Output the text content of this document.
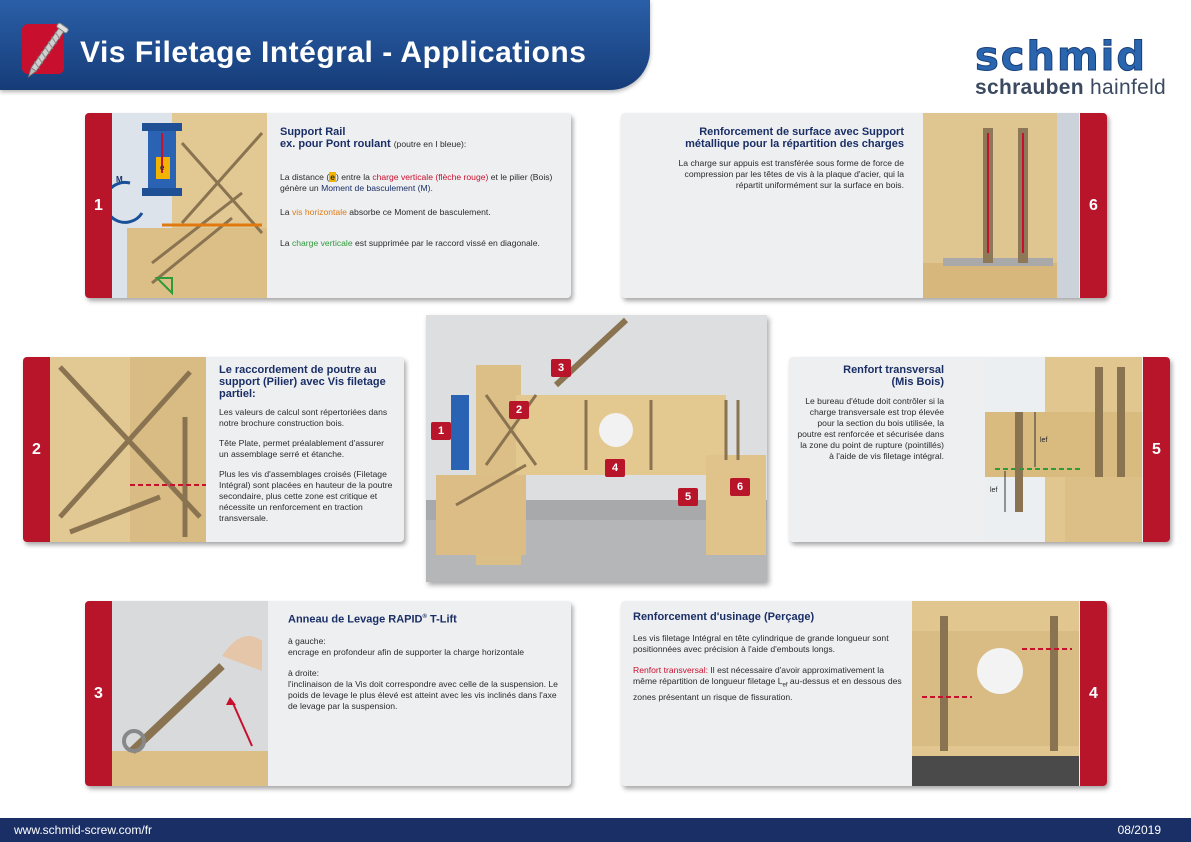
Vis Filetage Intégral - Applications	schmid
schrauben hainfeld
1
M
e
Support Rail
ex. pour Pont roulant (poutre en I bleue):

La distance (e) entre la charge verticale (flèche rouge) et le pilier (Bois) génère un Moment de basculement (M).

La vis horizontale absorbe ce Moment de basculement.

La charge verticale est supprimée par le raccord vissé en diagonale.

Renforcement de surface avec Support métallique pour la répartition des charges

La charge sur appuis est transférée sous forme de force de compression par les têtes de vis à la plaque d'acier, qui la répartit uniformément sur la surface en bois.

6
2
Le raccordement de poutre au support (Pilier) avec Vis filetage partiel:

Les valeurs de calcul sont répertoriées dans notre brochure construction bois.

Tête Plate, permet préalablement d'assurer un assemblage serré et étanche.

Plus les vis d'assemblages croisés (Filetage Intégral) sont placées en hauteur de la poutre secondaire, plus cette zone est critique et nécessite un renforcement en traction transversale.

1
2
3
4
5
6
Renfort transversal
(Mis Bois)

Le bureau d'étude doit contrôler si la charge transversale est trop élevée pour la section du bois utilisée, la poutre est renforcée et sécurisée dans la zone du point de rupture (pointillés) à l'aide de vis filetage intégral.

lef
lef
5
3
Anneau de Levage RAPID® T-Lift

à gauche:
encrage en profondeur afin de supporter la charge horizontale

à droite:
l'inclinaison de la Vis doit correspondre avec celle de la suspension. Le poids de levage le plus élevé est atteint avec les vis inclinés dans l'axe de levage par la suspension.

Renforcement d'usinage (Perçage)

Les vis filetage Intégral en tête cylindrique de grande longueur sont positionnées avec précision à l'aide d'embouts longs.

Renfort transversal: Il est nécessaire d'avoir approximativement la même répartition de longueur filetage $L_{ef}$ au-dessus et en dessous des zones présentant un risque de fissuration.	4
www.schmid-screw.com/fr	08/2019
